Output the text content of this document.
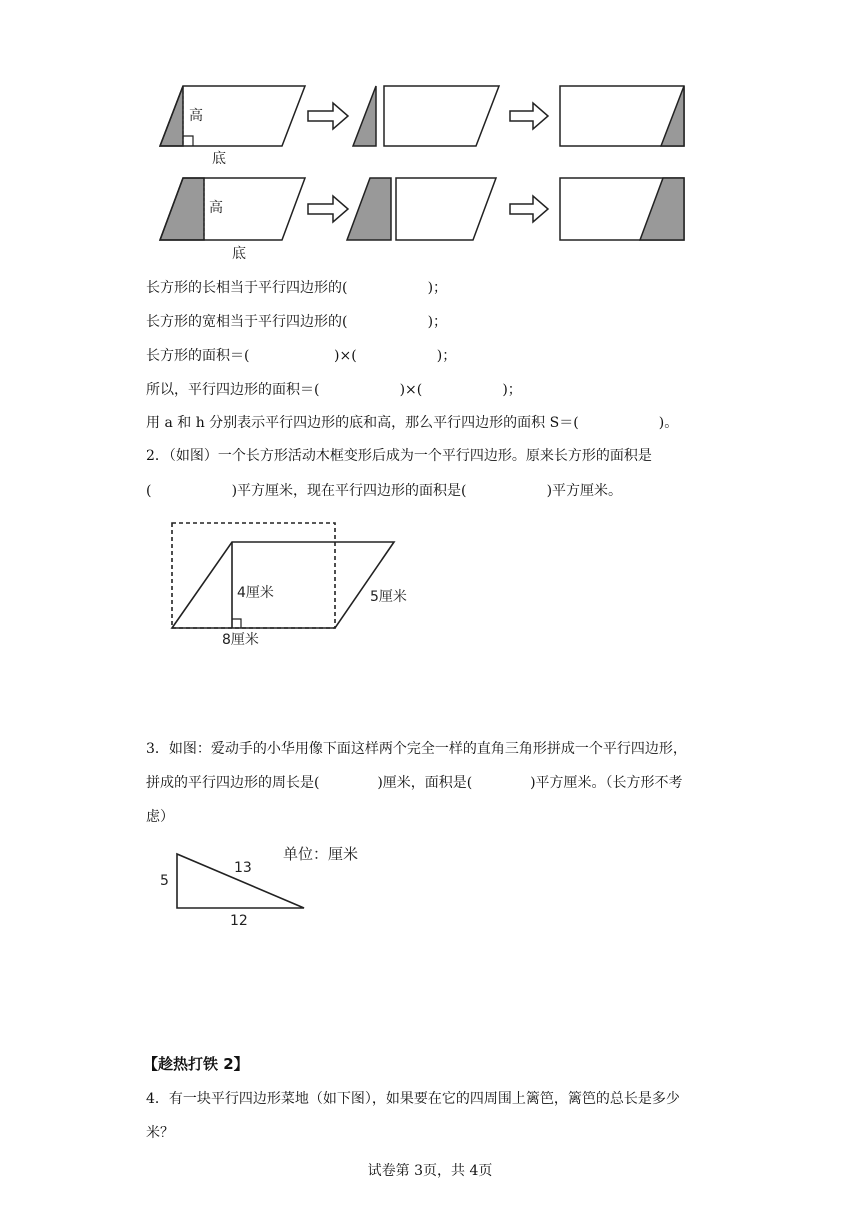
高
底
高
底
长方形的长相当于平行四边形的(                  )；
长方形的宽相当于平行四边形的(                  )；
长方形的面积＝(                   )×(                  )；
所以，平行四边形的面积＝(                  )×(                  )；
用 a 和 h 分别表示平行四边形的底和高，那么平行四边形的面积 S＝(                  )。
2．（如图）一个长方形活动木框变形后成为一个平行四边形。原来长方形的面积是
(                  )平方厘米，现在平行四边形的面积是(                  )平方厘米。
4厘米	5厘米
8厘米
3．如图：爱动手的小华用像下面这样两个完全一样的直角三角形拼成一个平行四边形，
拼成的平行四边形的周长是(             )厘米，面积是(             )平方厘米。（长方形不考
虑）
5
13
12
单位：厘米
【趁热打铁 2】
4．有一块平行四边形菜地（如下图），如果要在它的四周围上篱笆，篱笆的总长是多少
米？
试卷第 3页，共 4页
